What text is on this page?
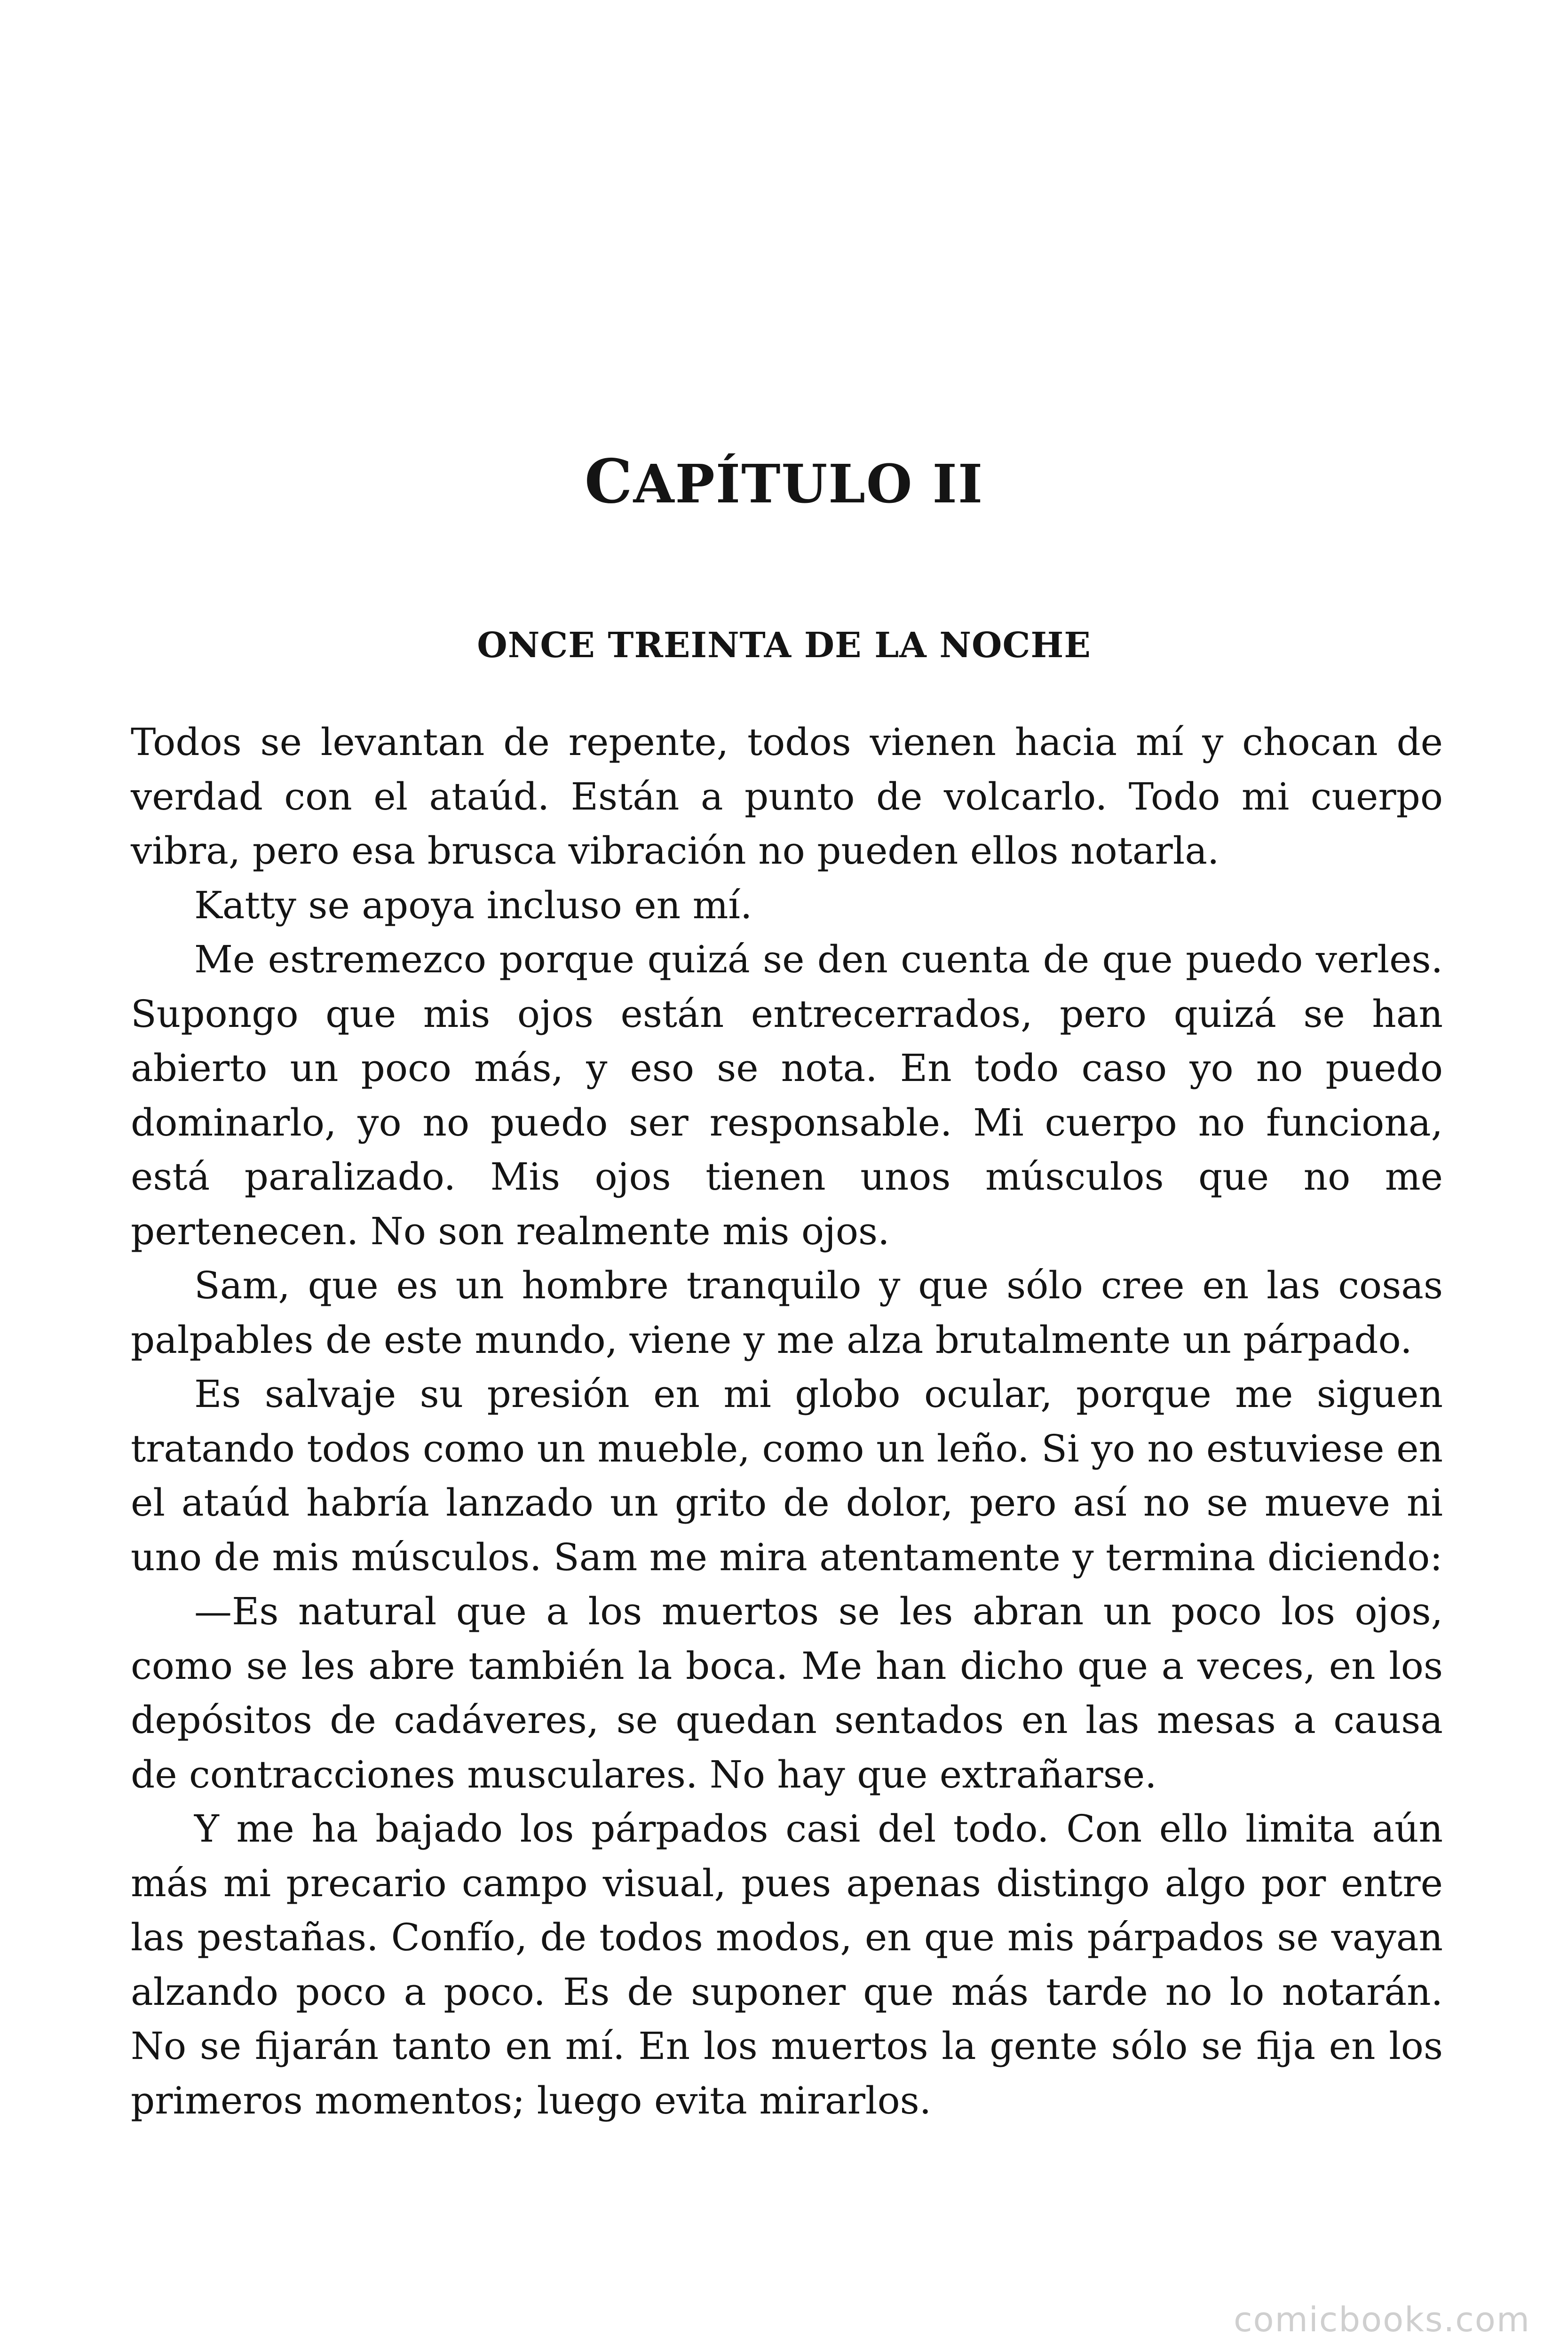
CAPÍTULO II
ONCE TREINTA DE LA NOCHE

Todos se levantan de repente, todos vienen hacia mí y chocan de verdad con el ataúd. Están a punto de volcarlo. Todo mi cuerpo vibra, pero esa brusca vibración no pueden ellos notarla.

Katty se apoya incluso en mí.

Me estremezco porque quizá se den cuenta de que puedo verles. Supongo que mis ojos están entrecerrados, pero quizá se han abierto un poco más, y eso se nota. En todo caso yo no puedo dominarlo, yo no puedo ser responsable. Mi cuerpo no funciona, está paralizado. Mis ojos tienen unos músculos que no me pertenecen. No son realmente mis ojos.

Sam, que es un hombre tranquilo y que sólo cree en las cosas palpables de este mundo, viene y me alza brutalmente un párpado.

Es salvaje su presión en mi globo ocular, porque me siguen tratando todos como un mueble, como un leño. Si yo no estuviese en el ataúd habría lanzado un grito de dolor, pero así no se mueve ni uno de mis músculos. Sam me mira atentamente y termina diciendo:

—Es natural que a los muertos se les abran un poco los ojos, como se les abre también la boca. Me han dicho que a veces, en los depósitos de cadáveres, se quedan sentados en las mesas a causa de contracciones musculares. No hay que extrañarse.

Y me ha bajado los párpados casi del todo. Con ello limita aún más mi precario campo visual, pues apenas distingo algo por entre las pestañas. Confío, de todos modos, en que mis párpados se vayan alzando poco a poco. Es de suponer que más tarde no lo notarán. No se fijarán tanto en mí. En los muertos la gente sólo se fija en los primeros momentos; luego evita mirarlos.

comicbooks.com
